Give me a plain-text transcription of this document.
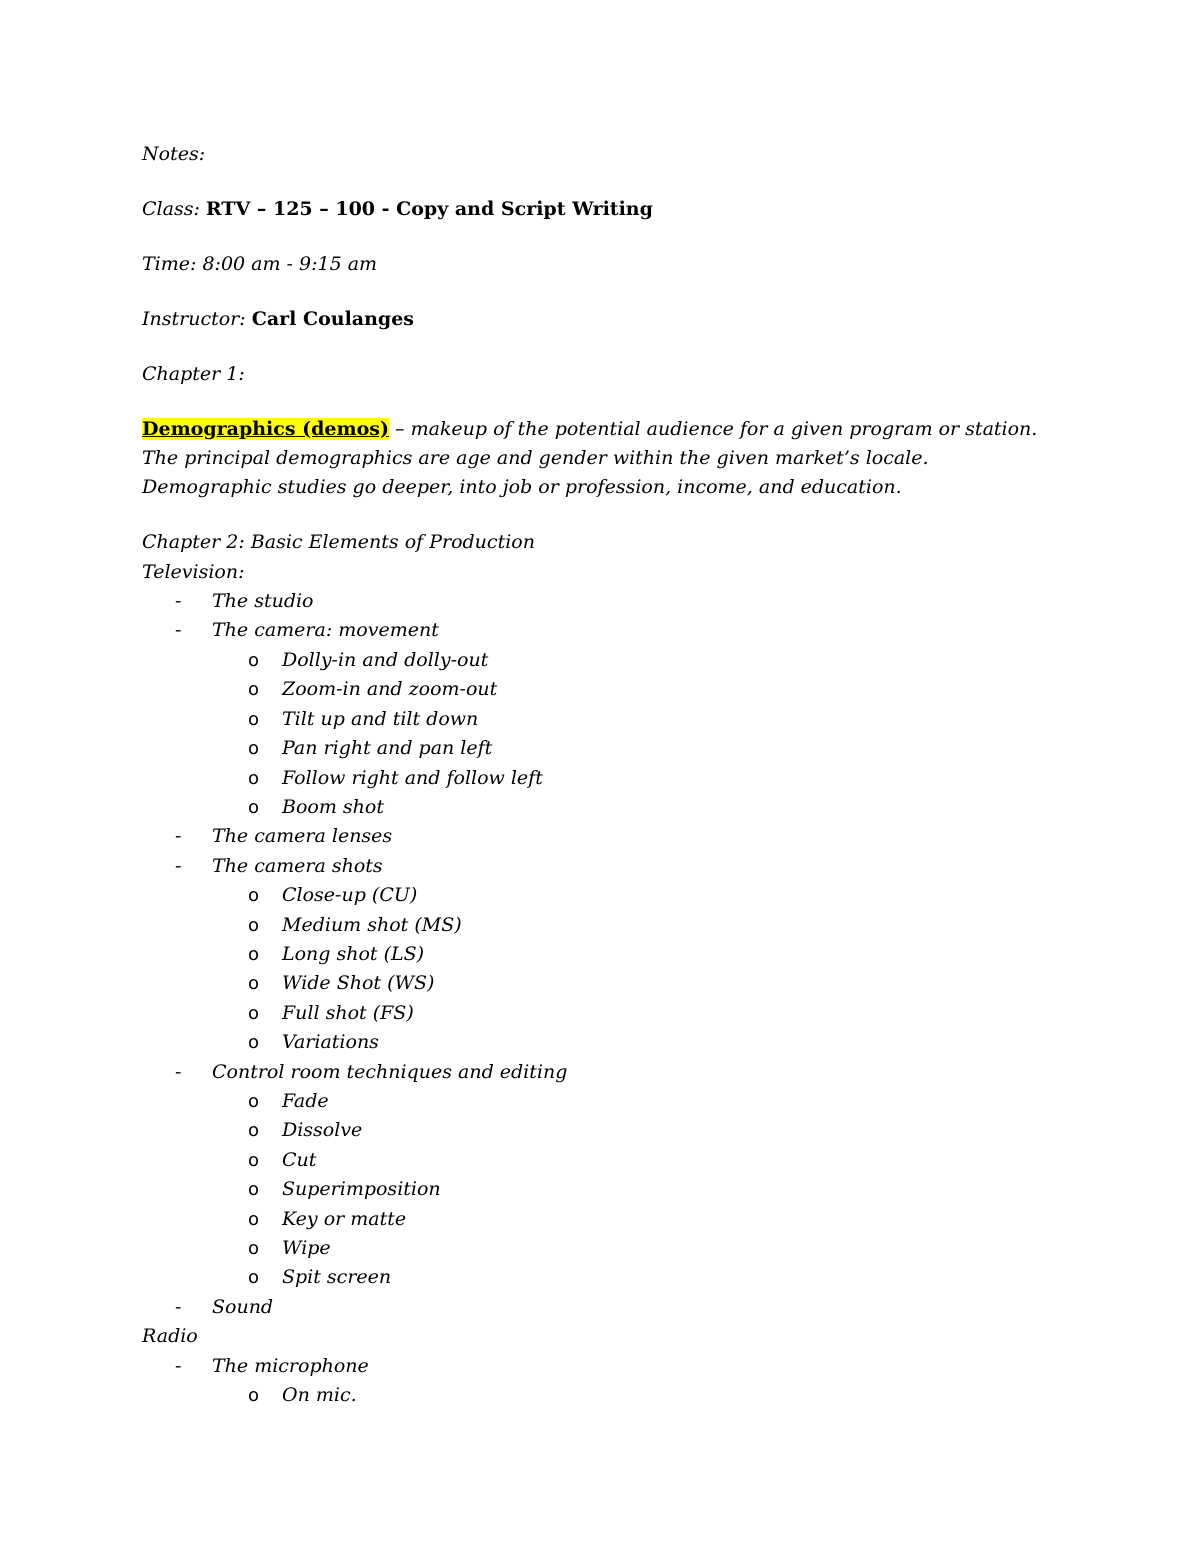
Notes:
Class: RTV – 125 – 100 - Copy and Script Writing
Time: 8:00 am - 9:15 am
Instructor: Carl Coulanges
Chapter 1:
Demographics (demos) – makeup of the potential audience for a given program or station.
The principal demographics are age and gender within the given market’s locale.
Demographic studies go deeper, into job or profession, income, and education.
Chapter 2: Basic Elements of Production
Television:
- The studio
- The camera: movement
o Dolly-in and dolly-out
o Zoom-in and zoom-out
o Tilt up and tilt down
o Pan right and pan left
o Follow right and follow left
o Boom shot
- The camera lenses
- The camera shots
o Close-up (CU)
o Medium shot (MS)
o Long shot (LS)
o Wide Shot (WS)
o Full shot (FS)
o Variations
- Control room techniques and editing
o Fade
o Dissolve
o Cut
o Superimposition
o Key or matte
o Wipe
o Spit screen
- Sound
Radio
- The microphone
o On mic.
